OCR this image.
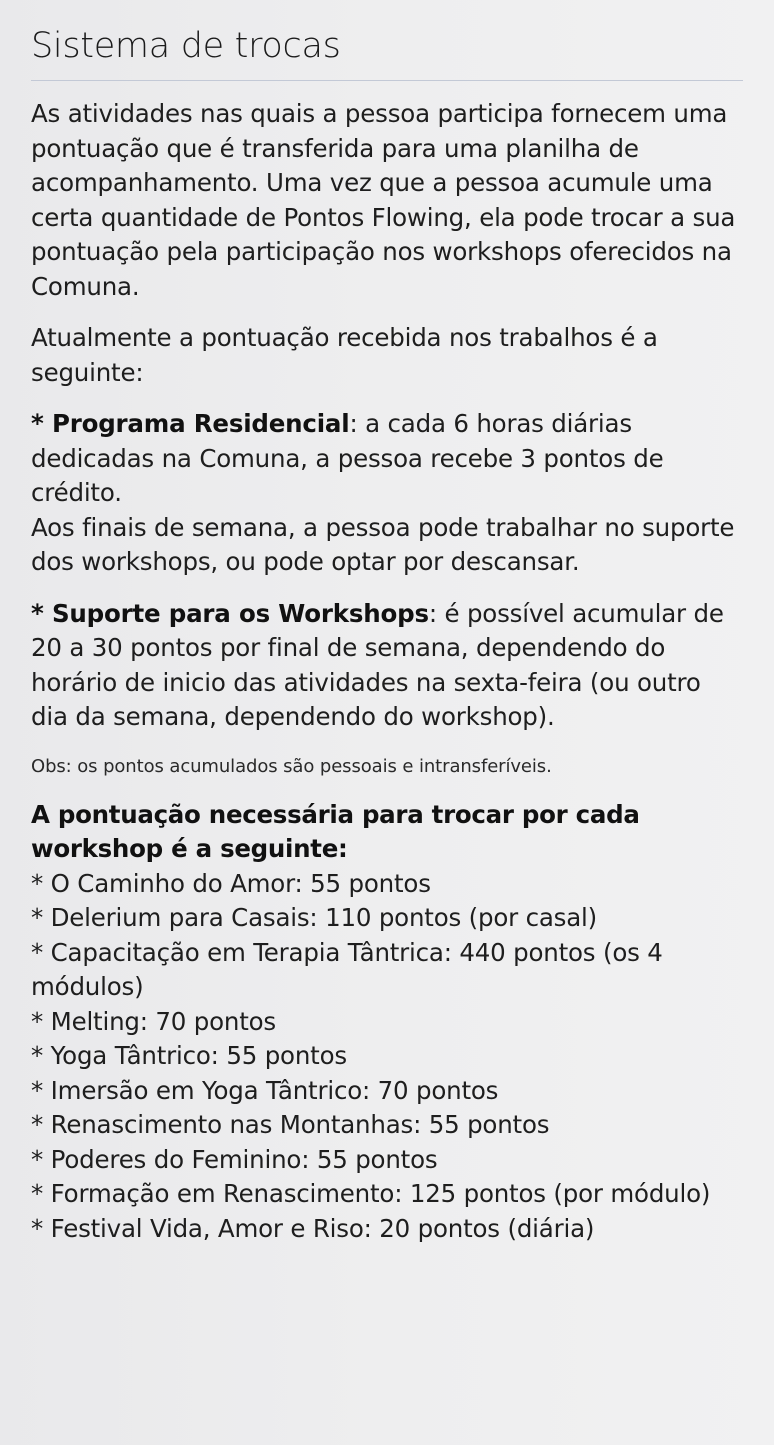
Sistema de trocas

As atividades nas quais a pessoa participa fornecem uma pontuação que é transferida para uma planilha de acompanhamento. Uma vez que a pessoa acumule uma certa quantidade de Pontos Flowing, ela pode trocar a sua pontuação pela participação nos workshops oferecidos na Comuna.

Atualmente a pontuação recebida nos trabalhos é a seguinte:

* Programa Residencial: a cada 6 horas diárias dedicadas na Comuna, a pessoa recebe 3 pontos de crédito.
Aos finais de semana, a pessoa pode trabalhar no suporte dos workshops, ou pode optar por descansar.

* Suporte para os Workshops: é possível acumular de 20 a 30 pontos por final de semana, dependendo do horário de inicio das atividades na sexta-feira (ou outro dia da semana, dependendo do workshop).

Obs: os pontos acumulados são pessoais e intransferíveis.

A pontuação necessária para trocar por cada workshop é a seguinte:

* O Caminho do Amor: 55 pontos
* Delerium para Casais: 110 pontos (por casal)
* Capacitação em Terapia Tântrica: 440 pontos (os 4 módulos)
* Melting: 70 pontos
* Yoga Tântrico: 55 pontos
* Imersão em Yoga Tântrico: 70 pontos
* Renascimento nas Montanhas: 55 pontos
* Poderes do Feminino: 55 pontos
* Formação em Renascimento: 125 pontos (por módulo)
* Festival Vida, Amor e Riso: 20 pontos (diária)
